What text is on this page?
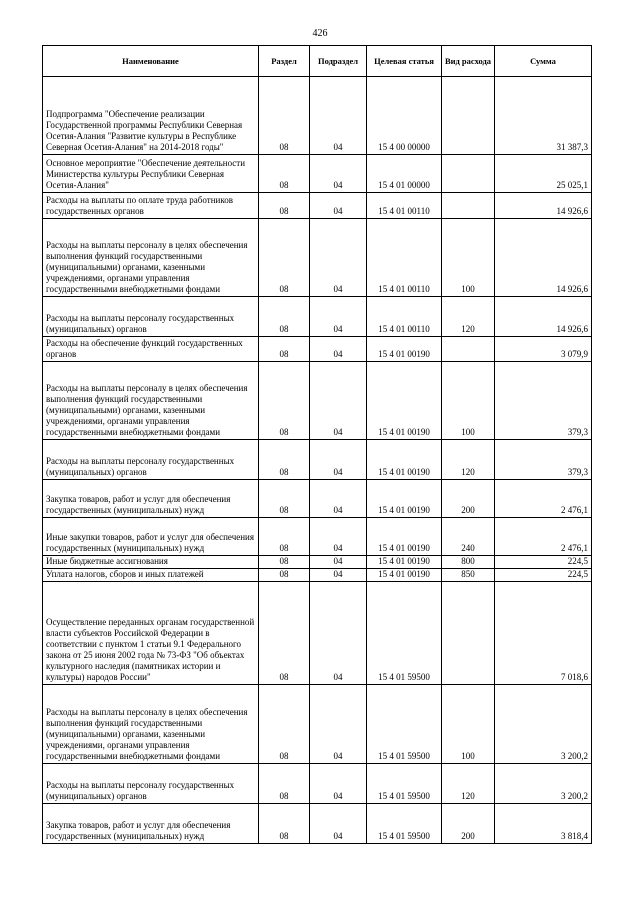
426
Наименование	Раздел	Подраздел	Целевая статья	Вид расхода	Сумма
Подпрограмма "Обеспечение реализации Государственной программы Республики Северная Осетия-Алания "Развитие культуры в Республике Северная Осетия-Алания" на 2014-2018 годы"	08	04	15 4 00 00000		31 387,3
Основное мероприятие "Обеспечение деятельности Министерства культуры Республики Северная Осетия-Алания"	08	04	15 4 01 00000		25 025,1
Расходы на выплаты по оплате труда работников государственных органов	08	04	15 4 01 00110		14 926,6
Расходы на выплаты персоналу в целях обеспечения выполнения функций государственными (муниципальными) органами, казенными учреждениями, органами управления государственными внебюджетными фондами	08	04	15 4 01 00110	100	14 926,6
Расходы на выплаты персоналу государственных (муниципальных) органов	08	04	15 4 01 00110	120	14 926,6
Расходы на обеспечение функций государственных органов	08	04	15 4 01 00190		3 079,9
Расходы на выплаты персоналу в целях обеспечения выполнения функций государственными (муниципальными) органами, казенными учреждениями, органами управления государственными внебюджетными фондами	08	04	15 4 01 00190	100	379,3
Расходы на выплаты персоналу государственных (муниципальных) органов	08	04	15 4 01 00190	120	379,3
Закупка товаров, работ и услуг для обеспечения государственных (муниципальных) нужд	08	04	15 4 01 00190	200	2 476,1
Иные закупки товаров, работ и услуг для обеспечения государственных (муниципальных) нужд	08	04	15 4 01 00190	240	2 476,1
Иные бюджетные ассигнования	08	04	15 4 01 00190	800	224,5
Уплата налогов, сборов и иных платежей	08	04	15 4 01 00190	850	224,5
Осуществление переданных органам государственной власти субъектов Российской Федерации в соответствии с пунктом 1 статьи 9.1 Федерального закона от 25 июня 2002 года № 73-ФЗ "Об объектах культурного наследия (памятниках истории и культуры) народов России"	08	04	15 4 01 59500		7 018,6
Расходы на выплаты персоналу в целях обеспечения выполнения функций государственными (муниципальными) органами, казенными учреждениями, органами управления государственными внебюджетными фондами	08	04	15 4 01 59500	100	3 200,2
Расходы на выплаты персоналу государственных (муниципальных) органов	08	04	15 4 01 59500	120	3 200,2
Закупка товаров, работ и услуг для обеспечения государственных (муниципальных) нужд	08	04	15 4 01 59500	200	3 818,4
